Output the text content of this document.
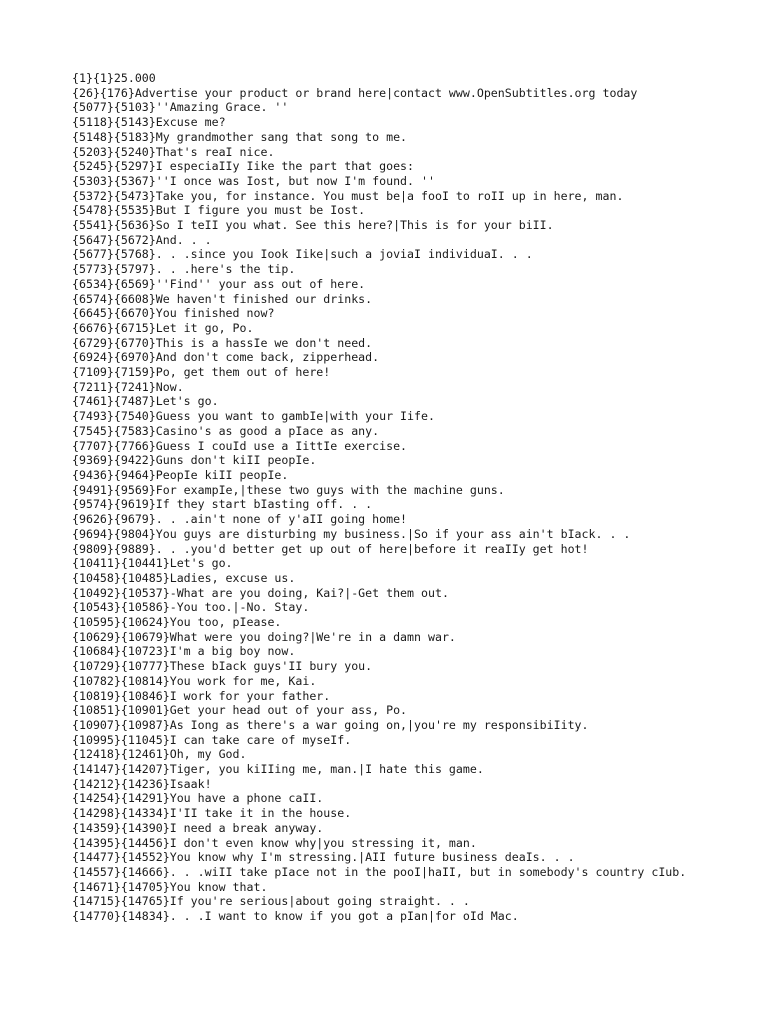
{1}{1}25.000
{26}{176}Advertise your product or brand here|contact www.OpenSubtitles.org today
{5077}{5103}''Amazing Grace. ''
{5118}{5143}Excuse me?
{5148}{5183}My grandmother sang that song to me.
{5203}{5240}That's reaI nice.
{5245}{5297}I especiaIIy Iike the part that goes:
{5303}{5367}''I once was Iost, but now I'm found. ''
{5372}{5473}Take you, for instance. You must be|a fooI to roII up in here, man.
{5478}{5535}But I figure you must be Iost.
{5541}{5636}So I teII you what. See this here?|This is for your biII.
{5647}{5672}And. . .
{5677}{5768}. . .since you Iook Iike|such a joviaI individuaI. . .
{5773}{5797}. . .here's the tip.
{6534}{6569}''Find'' your ass out of here.
{6574}{6608}We haven't finished our drinks.
{6645}{6670}You finished now?
{6676}{6715}Let it go, Po.
{6729}{6770}This is a hassIe we don't need.
{6924}{6970}And don't come back, zipperhead.
{7109}{7159}Po, get them out of here!
{7211}{7241}Now.
{7461}{7487}Let's go.
{7493}{7540}Guess you want to gambIe|with your Iife.
{7545}{7583}Casino's as good a pIace as any.
{7707}{7766}Guess I couId use a IittIe exercise.
{9369}{9422}Guns don't kiII peopIe.
{9436}{9464}PeopIe kiII peopIe.
{9491}{9569}For exampIe,|these two guys with the machine guns.
{9574}{9619}If they start bIasting off. . .
{9626}{9679}. . .ain't none of y'aII going home!
{9694}{9804}You guys are disturbing my business.|So if your ass ain't bIack. . .
{9809}{9889}. . .you'd better get up out of here|before it reaIIy get hot!
{10411}{10441}Let's go.
{10458}{10485}Ladies, excuse us.
{10492}{10537}-What are you doing, Kai?|-Get them out.
{10543}{10586}-You too.|-No. Stay.
{10595}{10624}You too, pIease.
{10629}{10679}What were you doing?|We're in a damn war.
{10684}{10723}I'm a big boy now.
{10729}{10777}These bIack guys'II bury you.
{10782}{10814}You work for me, Kai.
{10819}{10846}I work for your father.
{10851}{10901}Get your head out of your ass, Po.
{10907}{10987}As Iong as there's a war going on,|you're my responsibiIity.
{10995}{11045}I can take care of myseIf.
{12418}{12461}Oh, my God.
{14147}{14207}Tiger, you kiIIing me, man.|I hate this game.
{14212}{14236}Isaak!
{14254}{14291}You have a phone caII.
{14298}{14334}I'II take it in the house.
{14359}{14390}I need a break anyway.
{14395}{14456}I don't even know why|you stressing it, man.
{14477}{14552}You know why I'm stressing.|AII future business deaIs. . .
{14557}{14666}. . .wiII take pIace not in the pooI|haII, but in somebody's country cIub.
{14671}{14705}You know that.
{14715}{14765}If you're serious|about going straight. . .
{14770}{14834}. . .I want to know if you got a pIan|for oId Mac.
